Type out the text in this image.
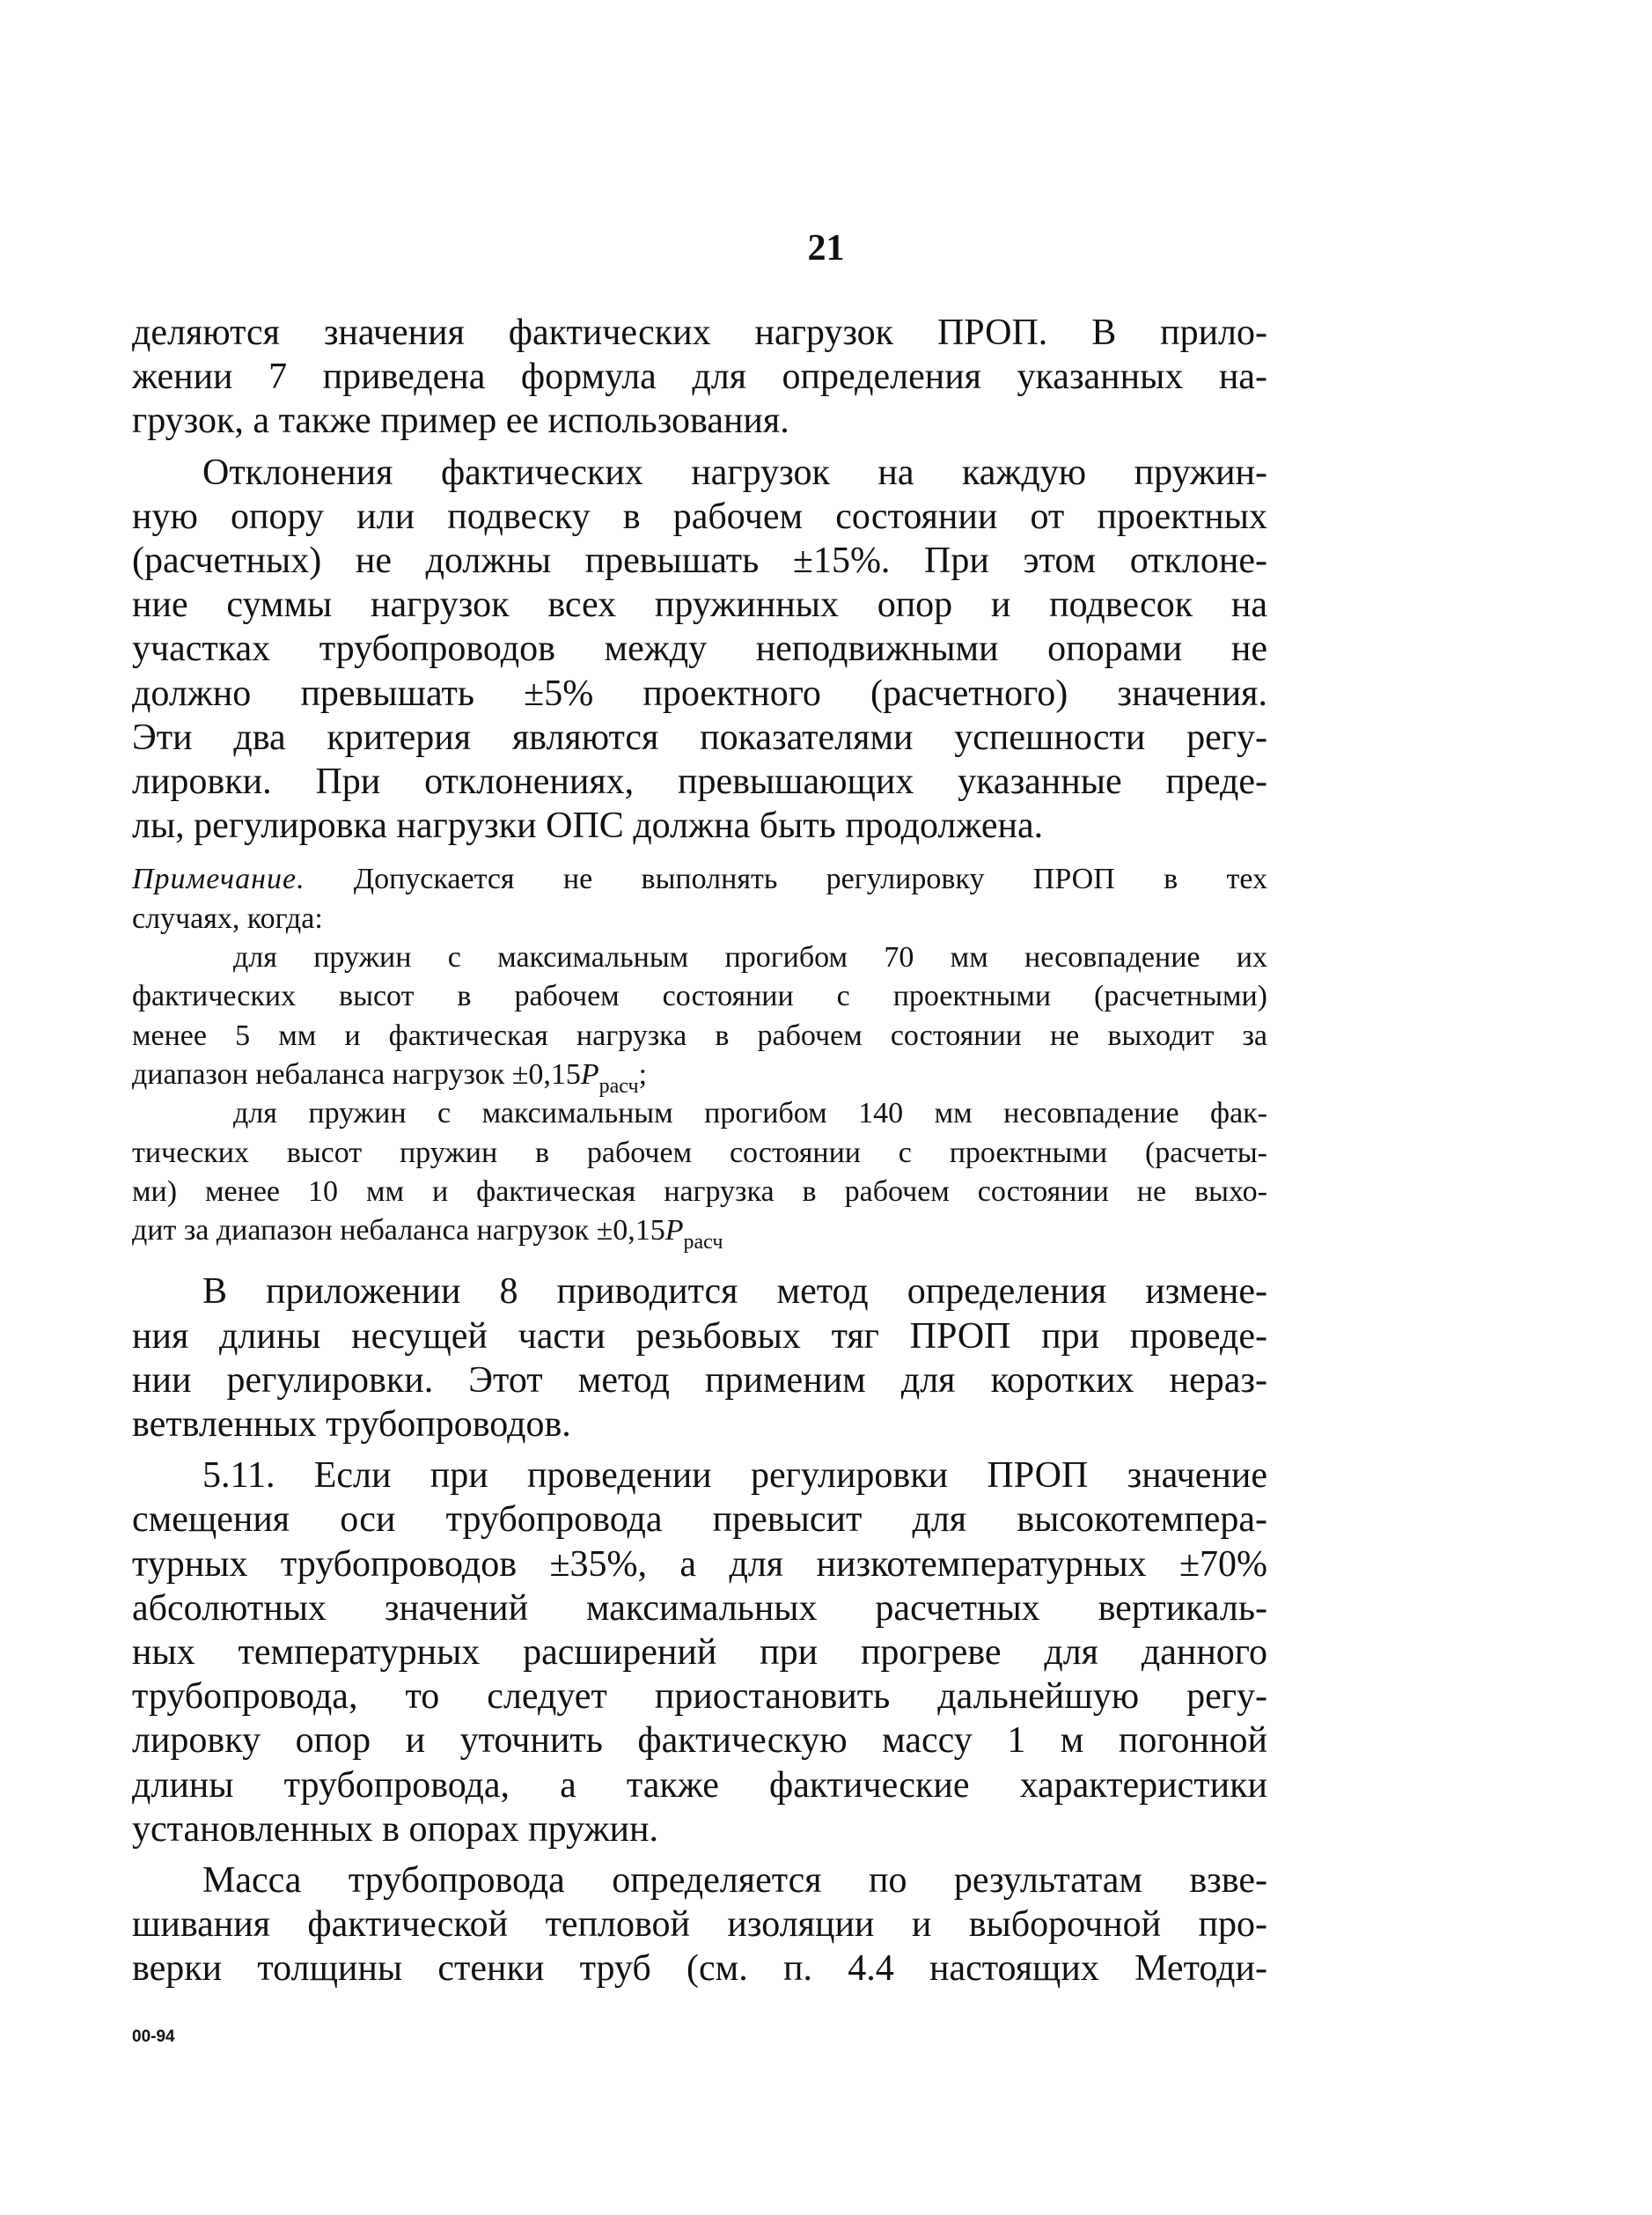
21

деляются значения фактических нагрузок ПРОП. В прило-
жении 7 приведена формула для определения указанных на-
грузок, а также пример ее использования.

Отклонения фактических нагрузок на каждую пружин-
ную опору или подвеску в рабочем состоянии от проектных
(расчетных) не должны превышать ±15%. При этом отклоне-
ние суммы нагрузок всех пружинных опор и подвесок на
участках трубопроводов между неподвижными опорами не
должно превышать ±5% проектного (расчетного) значения.
Эти два критерия являются показателями успешности регу-
лировки. При отклонениях, превышающих указанные преде-
лы, регулировка нагрузки ОПС должна быть продолжена.

Примечание. Допускается не выполнять регулировку ПРОП в тех
случаях, когда:
для пружин с максимальным прогибом 70 мм несовпадение их
фактических высот в рабочем состоянии с проектными (расчетными)
менее 5 мм и фактическая нагрузка в рабочем состоянии не выходит за
диапазон небаланса нагрузок $\pm 0,15P_{расч}$;
для пружин с максимальным прогибом 140 мм несовпадение фак-
тических высот пружин в рабочем состоянии с проектными (расчеты-
ми) менее 10 мм и фактическая нагрузка в рабочем состоянии не выхо-
дит за диапазон небаланса нагрузок $\pm 0,15P_{расч}$

В приложении 8 приводится метод определения измене-
ния длины несущей части резьбовых тяг ПРОП при проведе-
нии регулировки. Этот метод применим для коротких нераз-
ветвленных трубопроводов.

5.11. Если при проведении регулировки ПРОП значение
смещения оси трубопровода превысит для высокотемпера-
турных трубопроводов ±35%, а для низкотемпературных ±70%
абсолютных значений максимальных расчетных вертикаль-
ных температурных расширений при прогреве для данного
трубопровода, то следует приостановить дальнейшую регу-
лировку опор и уточнить фактическую массу 1 м погонной
длины трубопровода, а также фактические характеристики
установленных в опорах пружин.

Масса трубопровода определяется по результатам взве-
шивания фактической тепловой изоляции и выборочной про-
верки толщины стенки труб (см. п. 4.4 настоящих Методи-

00-94
